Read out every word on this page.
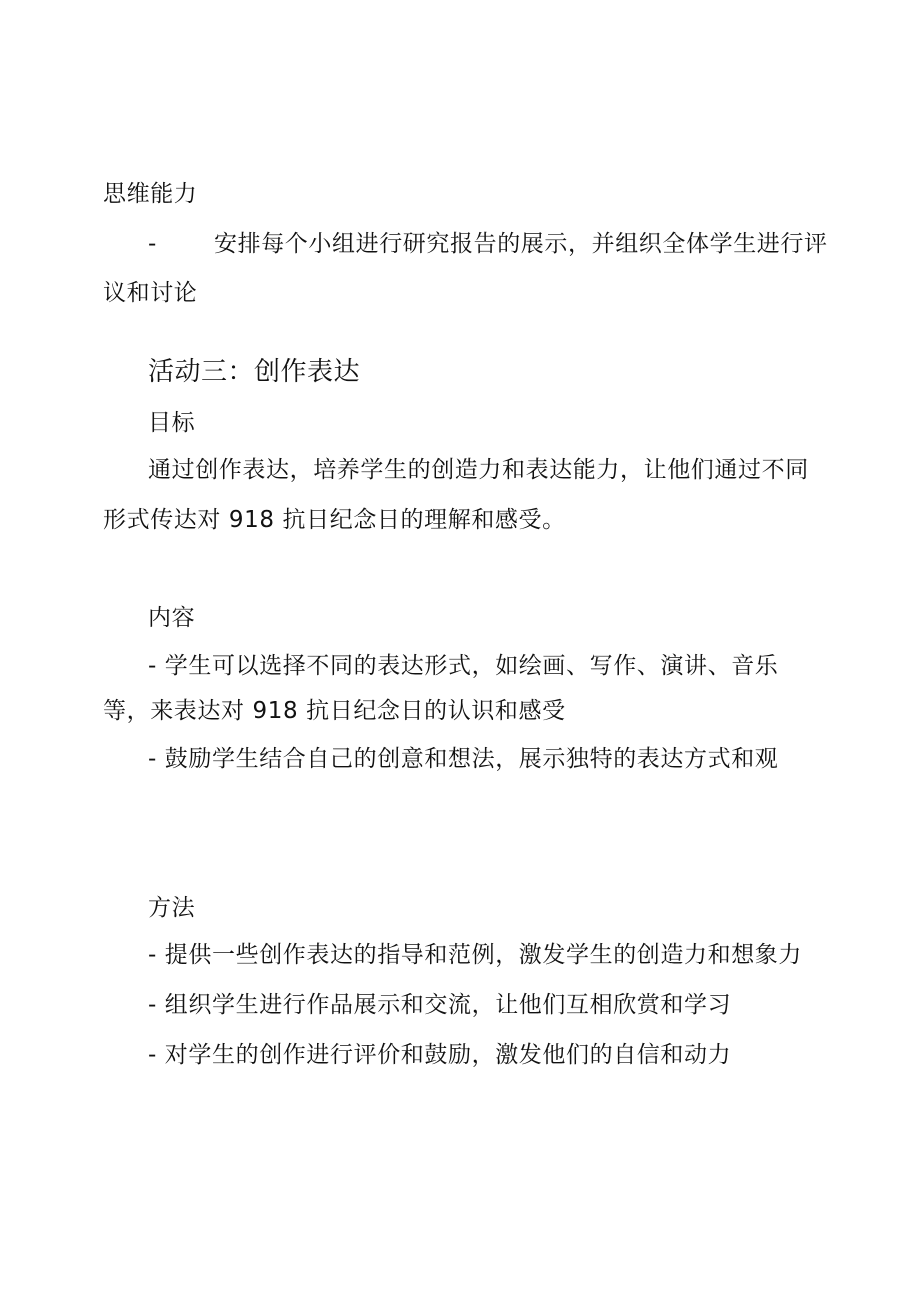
思维能力
- 安排每个小组进行研究报告的展示，并组织全体学生进行评
议和讨论
活动三：创作表达
目标
通过创作表达，培养学生的创造力和表达能力，让他们通过不同
形式传达对 918 抗日纪念日的理解和感受。
内容
- 学生可以选择不同的表达形式，如绘画、写作、演讲、音乐
等，来表达对 918 抗日纪念日的认识和感受
- 鼓励学生结合自己的创意和想法，展示独特的表达方式和观
方法
- 提供一些创作表达的指导和范例，激发学生的创造力和想象力
- 组织学生进行作品展示和交流，让他们互相欣赏和学习
- 对学生的创作进行评价和鼓励，激发他们的自信和动力
